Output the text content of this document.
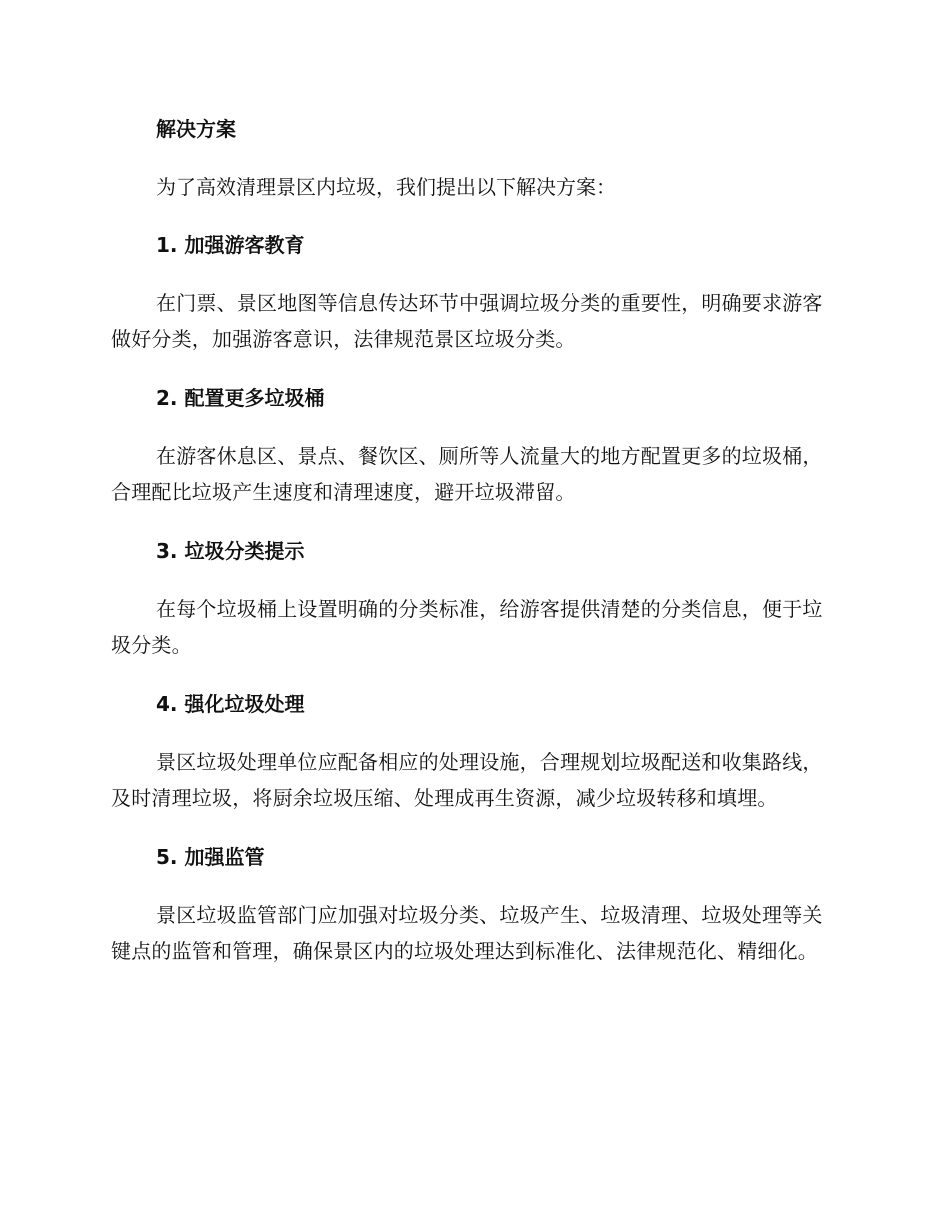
解决方案

为了高效清理景区内垃圾，我们提出以下解决方案：

1. 加强游客教育

在门票、景区地图等信息传达环节中强调垃圾分类的重要性，明确要求游客做好分类，加强游客意识，法律规范景区垃圾分类。

2. 配置更多垃圾桶

在游客休息区、景点、餐饮区、厕所等人流量大的地方配置更多的垃圾桶，合理配比垃圾产生速度和清理速度，避开垃圾滞留。

3. 垃圾分类提示

在每个垃圾桶上设置明确的分类标准，给游客提供清楚的分类信息，便于垃圾分类。

4. 强化垃圾处理

景区垃圾处理单位应配备相应的处理设施，合理规划垃圾配送和收集路线，及时清理垃圾，将厨余垃圾压缩、处理成再生资源，减少垃圾转移和填埋。

5. 加强监管

景区垃圾监管部门应加强对垃圾分类、垃圾产生、垃圾清理、垃圾处理等关键点的监管和管理，确保景区内的垃圾处理达到标准化、法律规范化、精细化。
